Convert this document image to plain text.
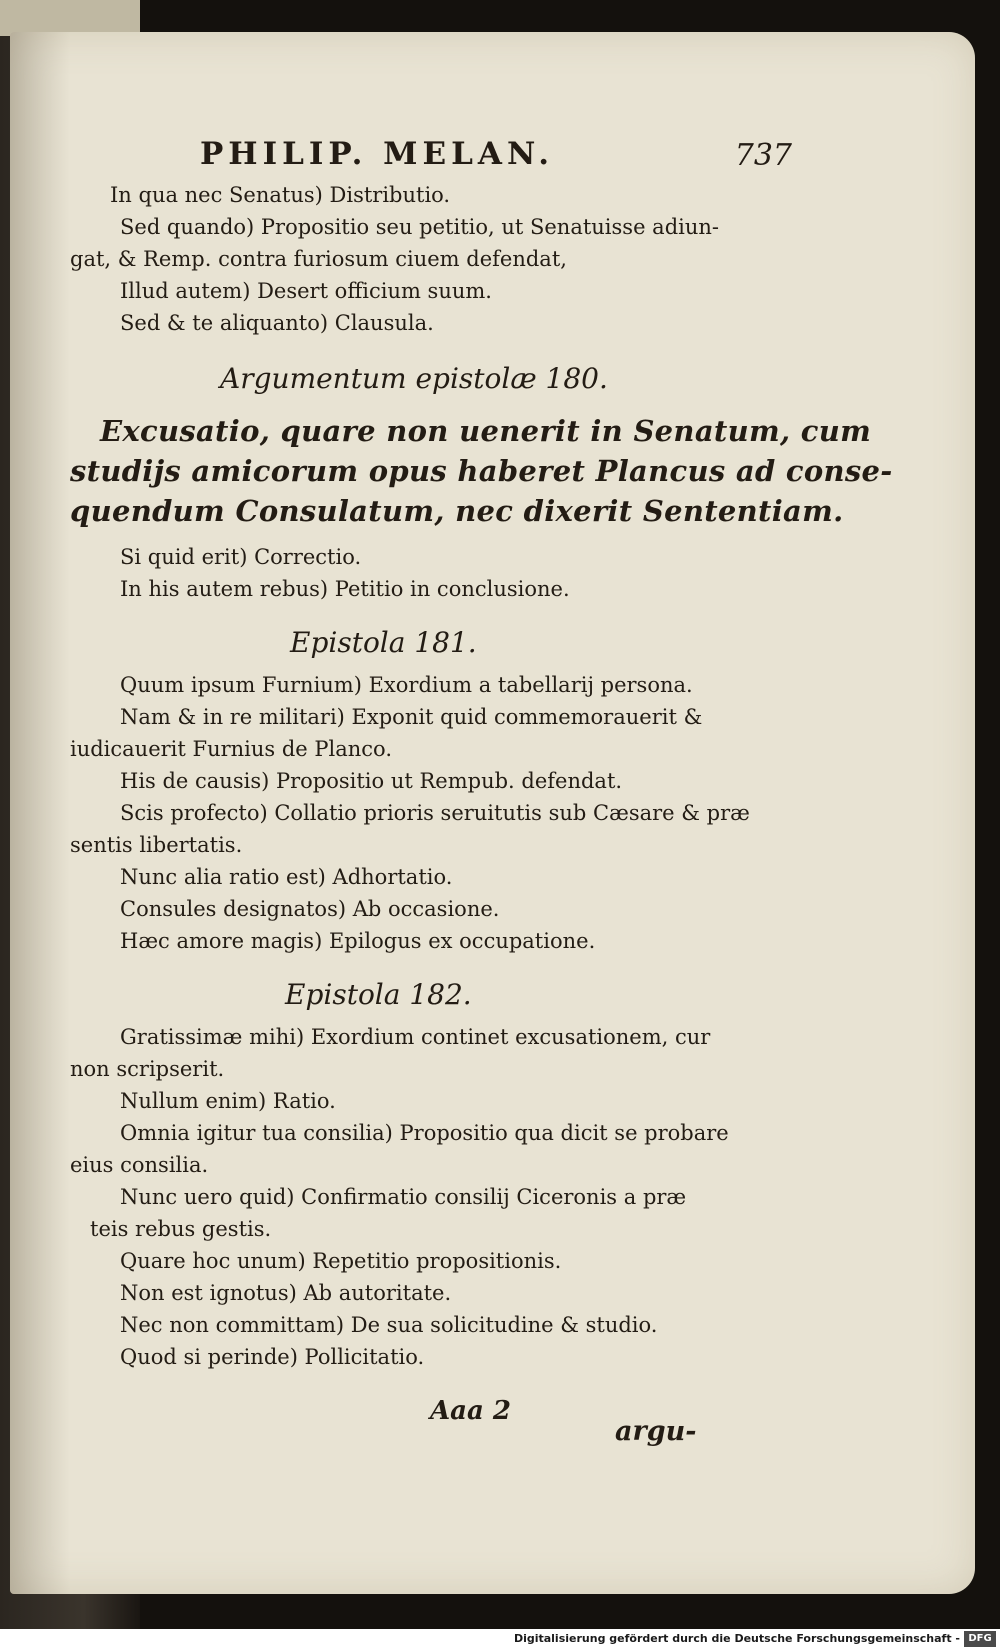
PHILIP. MELAN.	737
In qua nec Senatus) Distributio.
Sed quando) Propositio seu petitio, ut Senatuisse adiun-
gat, & Remp. contra furiosum ciuem defendat,
Illud autem) Desert officium suum.
Sed & te aliquanto) Clausula.
Argumentum epistolæ 180.
Excusatio, quare non uenerit in Senatum, cum
studijs amicorum opus haberet Plancus ad conse-
quendum Consulatum, nec dixerit Sententiam.
Si quid erit) Correctio.
In his autem rebus) Petitio in conclusione.
Epistola 181.
Quum ipsum Furnium) Exordium a tabellarij persona.
Nam & in re militari) Exponit quid commemorauerit &
iudicauerit Furnius de Planco.
His de causis) Propositio ut Rempub. defendat.
Scis profecto) Collatio prioris seruitutis sub Cæsare & præ
sentis libertatis.
Nunc alia ratio est) Adhortatio.
Consules designatos) Ab occasione.
Hæc amore magis) Epilogus ex occupatione.
Epistola 182.
Gratissimæ mihi) Exordium continet excusationem, cur
non scripserit.
Nullum enim) Ratio.
Omnia igitur tua consilia) Propositio qua dicit se probare
eius consilia.
Nunc uero quid) Confirmatio consilij Ciceronis a præ
teis rebus gestis.
Quare hoc unum) Repetitio propositionis.
Non est ignotus) Ab autoritate.
Nec non committam) De sua solicitudine & studio.
Quod si perinde) Pollicitatio.
Aaa 2
argu-
Digitalisierung gefördert durch die Deutsche Forschungsgemeinschaft - DFG
